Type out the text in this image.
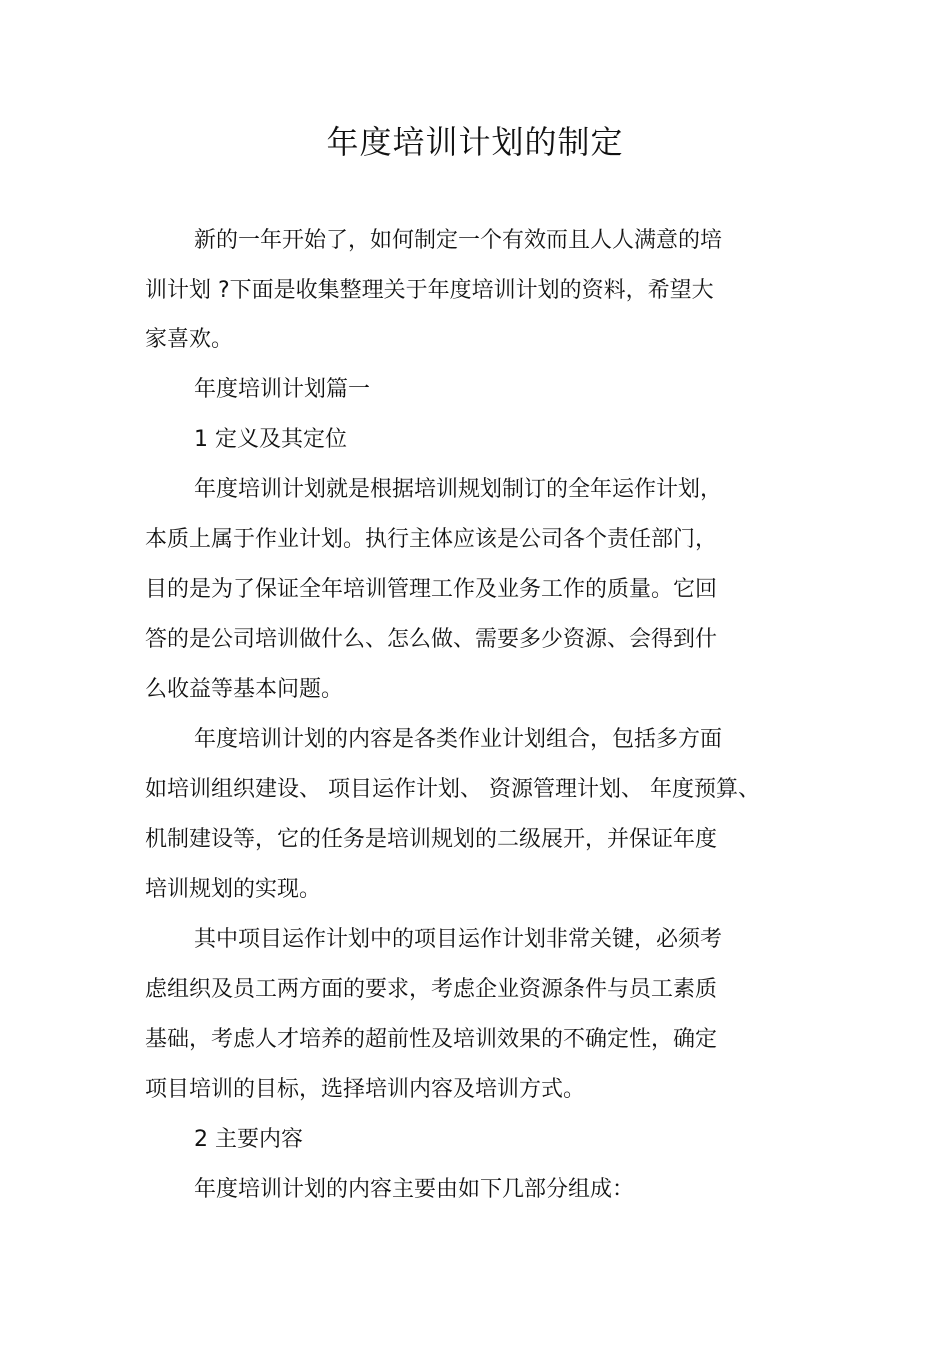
年度培训计划的制定
新的一年开始了，如何制定一个有效而且人人满意的培
训计划 ?下面是收集整理关于年度培训计划的资料，希望大
家喜欢。
年度培训计划篇一
1 定义及其定位
年度培训计划就是根据培训规划制订的全年运作计划，
本质上属于作业计划。执行主体应该是公司各个责任部门，
目的是为了保证全年培训管理工作及业务工作的质量。它回
答的是公司培训做什么、怎么做、需要多少资源、会得到什
么收益等基本问题。
年度培训计划的内容是各类作业计划组合，包括多方面
如培训组织建设、 项目运作计划、 资源管理计划、 年度预算、
机制建设等，它的任务是培训规划的二级展开，并保证年度
培训规划的实现。
其中项目运作计划中的项目运作计划非常关键，必须考
虑组织及员工两方面的要求，考虑企业资源条件与员工素质
基础，考虑人才培养的超前性及培训效果的不确定性，确定
项目培训的目标，选择培训内容及培训方式。
2 主要内容
年度培训计划的内容主要由如下几部分组成：
